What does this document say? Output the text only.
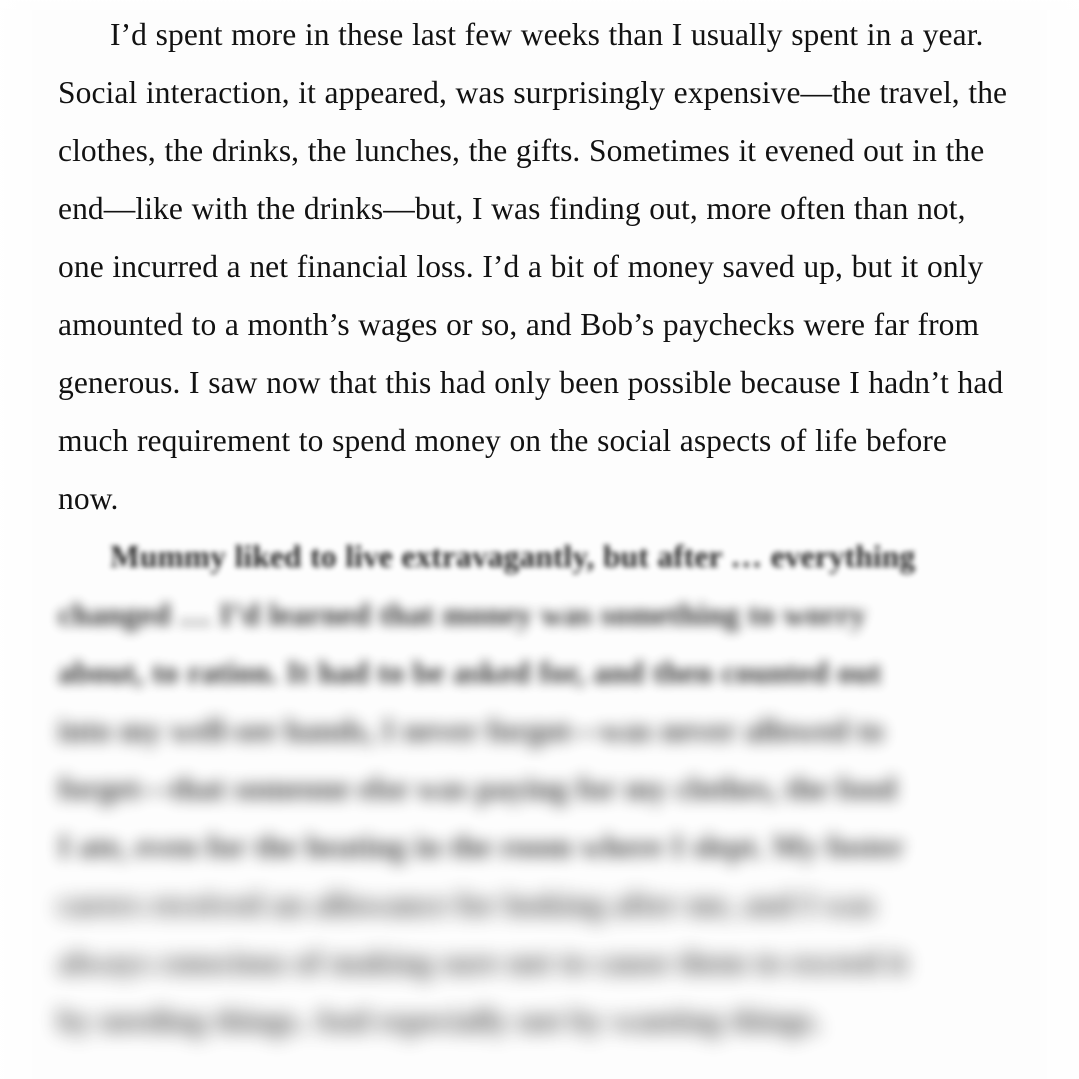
I’d spent more in these last few weeks than I usually spent in a year. Social interaction, it appeared, was surprisingly expensive—the travel, the clothes, the drinks, the lunches, the gifts. Sometimes it evened out in the end—like with the drinks—but, I was finding out, more often than not, one incurred a net financial loss. I’d a bit of money saved up, but it only amounted to a month’s wages or so, and Bob’s paychecks were far from generous. I saw now that this had only been possible because I hadn’t had much requirement to spend money on the social aspects of life before now.

Mummy liked to live extravagantly, but after … everything

changed … I’d learned that money was something to worry

about, to ration. It had to be asked for, and then counted out

into my well-see hands, I never forgot—was never allowed to

forget—that someone else was paying for my clothes, the food

I ate, even for the heating in the room where I slept. My foster

carers received an allowance for looking after me, and I was

always conscious of making sure not to cause them to exceed it

by needing things. And especially not by wanting things.
